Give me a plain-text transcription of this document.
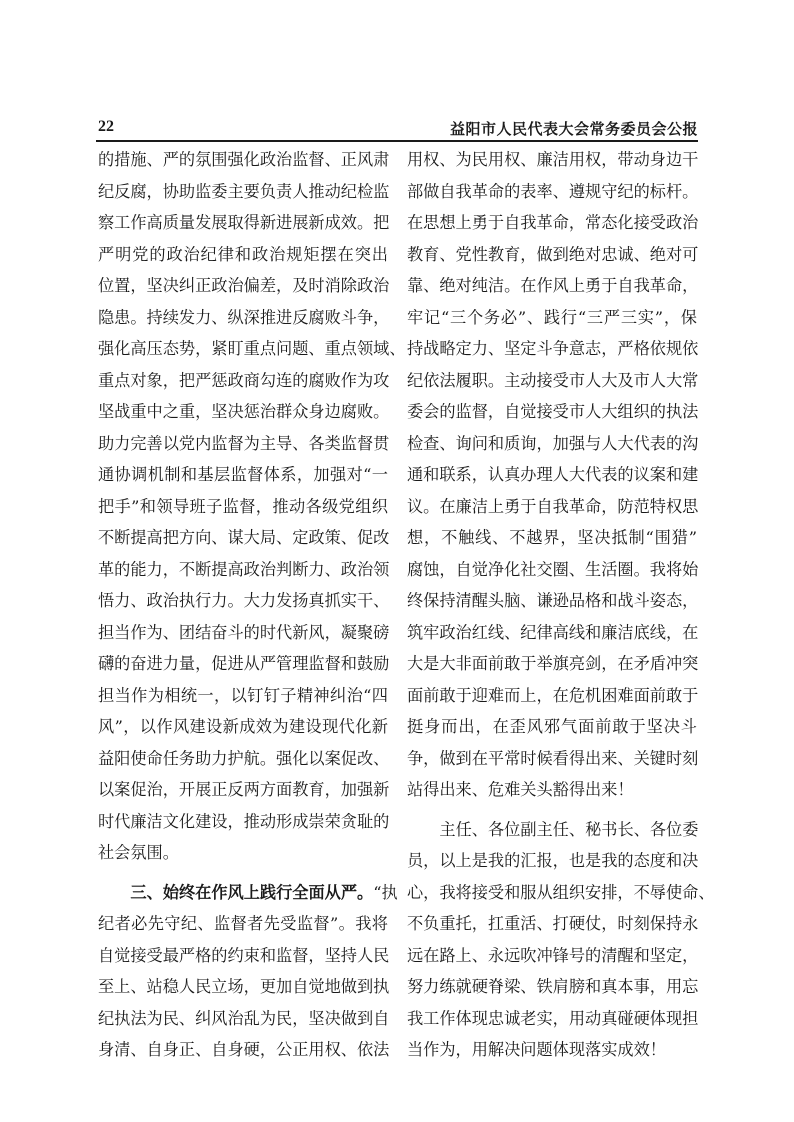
22	益阳市人民代表大会常务委员会公报
的措施、严的氛围强化政治监督、正风肃
纪反腐，协助监委主要负责人推动纪检监
察工作高质量发展取得新进展新成效。把
严明党的政治纪律和政治规矩摆在突出
位置，坚决纠正政治偏差，及时消除政治
隐患。持续发力、纵深推进反腐败斗争，
强化高压态势，紧盯重点问题、重点领域、
重点对象，把严惩政商勾连的腐败作为攻
坚战重中之重，坚决惩治群众身边腐败。
助力完善以党内监督为主导、各类监督贯
通协调机制和基层监督体系，加强对“一
把手”和领导班子监督，推动各级党组织
不断提高把方向、谋大局、定政策、促改
革的能力，不断提高政治判断力、政治领
悟力、政治执行力。大力发扬真抓实干、
担当作为、团结奋斗的时代新风，凝聚磅
礴的奋进力量，促进从严管理监督和鼓励
担当作为相统一，以钉钉子精神纠治“四
风”，以作风建设新成效为建设现代化新
益阳使命任务助力护航。强化以案促改、
以案促治，开展正反两方面教育，加强新
时代廉洁文化建设，推动形成崇荣贪耻的
社会氛围。
三、始终在作风上践行全面从严。“执
纪者必先守纪、监督者先受监督”。我将
自觉接受最严格的约束和监督，坚持人民
至上、站稳人民立场，更加自觉地做到执
纪执法为民、纠风治乱为民，坚决做到自
身清、自身正、自身硬，公正用权、依法
用权、为民用权、廉洁用权，带动身边干
部做自我革命的表率、遵规守纪的标杆。
在思想上勇于自我革命，常态化接受政治
教育、党性教育，做到绝对忠诚、绝对可
靠、绝对纯洁。在作风上勇于自我革命，
牢记“三个务必”、践行“三严三实”，保
持战略定力、坚定斗争意志，严格依规依
纪依法履职。主动接受市人大及市人大常
委会的监督，自觉接受市人大组织的执法
检查、询问和质询，加强与人大代表的沟
通和联系，认真办理人大代表的议案和建
议。在廉洁上勇于自我革命，防范特权思
想，不触线、不越界，坚决抵制“围猎”
腐蚀，自觉净化社交圈、生活圈。我将始
终保持清醒头脑、谦逊品格和战斗姿态，
筑牢政治红线、纪律高线和廉洁底线，在
大是大非面前敢于举旗亮剑，在矛盾冲突
面前敢于迎难而上，在危机困难面前敢于
挺身而出，在歪风邪气面前敢于坚决斗
争，做到在平常时候看得出来、关键时刻
站得出来、危难关头豁得出来！
主任、各位副主任、秘书长、各位委
员，以上是我的汇报，也是我的态度和决
心，我将接受和服从组织安排，不辱使命、
不负重托，扛重活、打硬仗，时刻保持永
远在路上、永远吹冲锋号的清醒和坚定，
努力练就硬脊梁、铁肩膀和真本事，用忘
我工作体现忠诚老实，用动真碰硬体现担
当作为，用解决问题体现落实成效！
